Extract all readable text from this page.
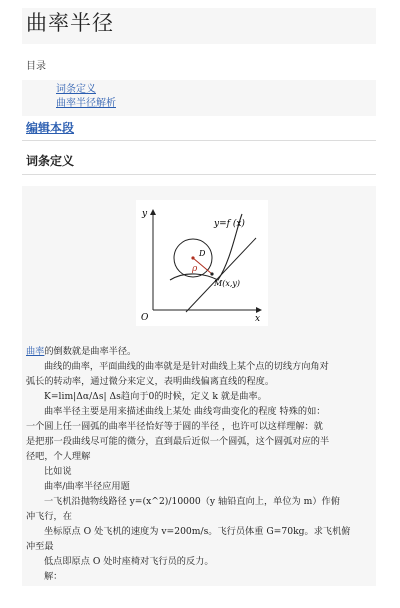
曲率半径
目录
词条定义
曲率半径解析
编辑本段
词条定义
y
x
O
y=f (x)
D
ρ
M(x,y)
曲率的倒数就是曲率半径。
曲线的曲率，平面曲线的曲率就是是针对曲线上某个点的切线方向角对
弧长的转动率，通过微分来定义，表明曲线偏离直线的程度。
K=lim|Δα/Δs| Δs趋向于0的时候，定义 k 就是曲率。
曲率半径主要是用来描述曲线上某处 曲线弯曲变化的程度 特殊的如：
一个圆上任一圆弧的曲率半径恰好等于圆的半径 ，也许可以这样理解：就
是把那一段曲线尽可能的微分，直到最后近似一个圆弧，这个圆弧对应的半
径吧，个人理解
比如说
曲率/曲率半径应用题
一飞机沿抛物线路径 y=(x^2)/10000（y 轴铅直向上，单位为 m）作俯
冲飞行，在
坐标原点 O 处飞机的速度为 v=200m/s。飞行员体重 G=70kg。求飞机俯
冲至最
低点即原点 O 处时座椅对飞行员的反力。
解：
